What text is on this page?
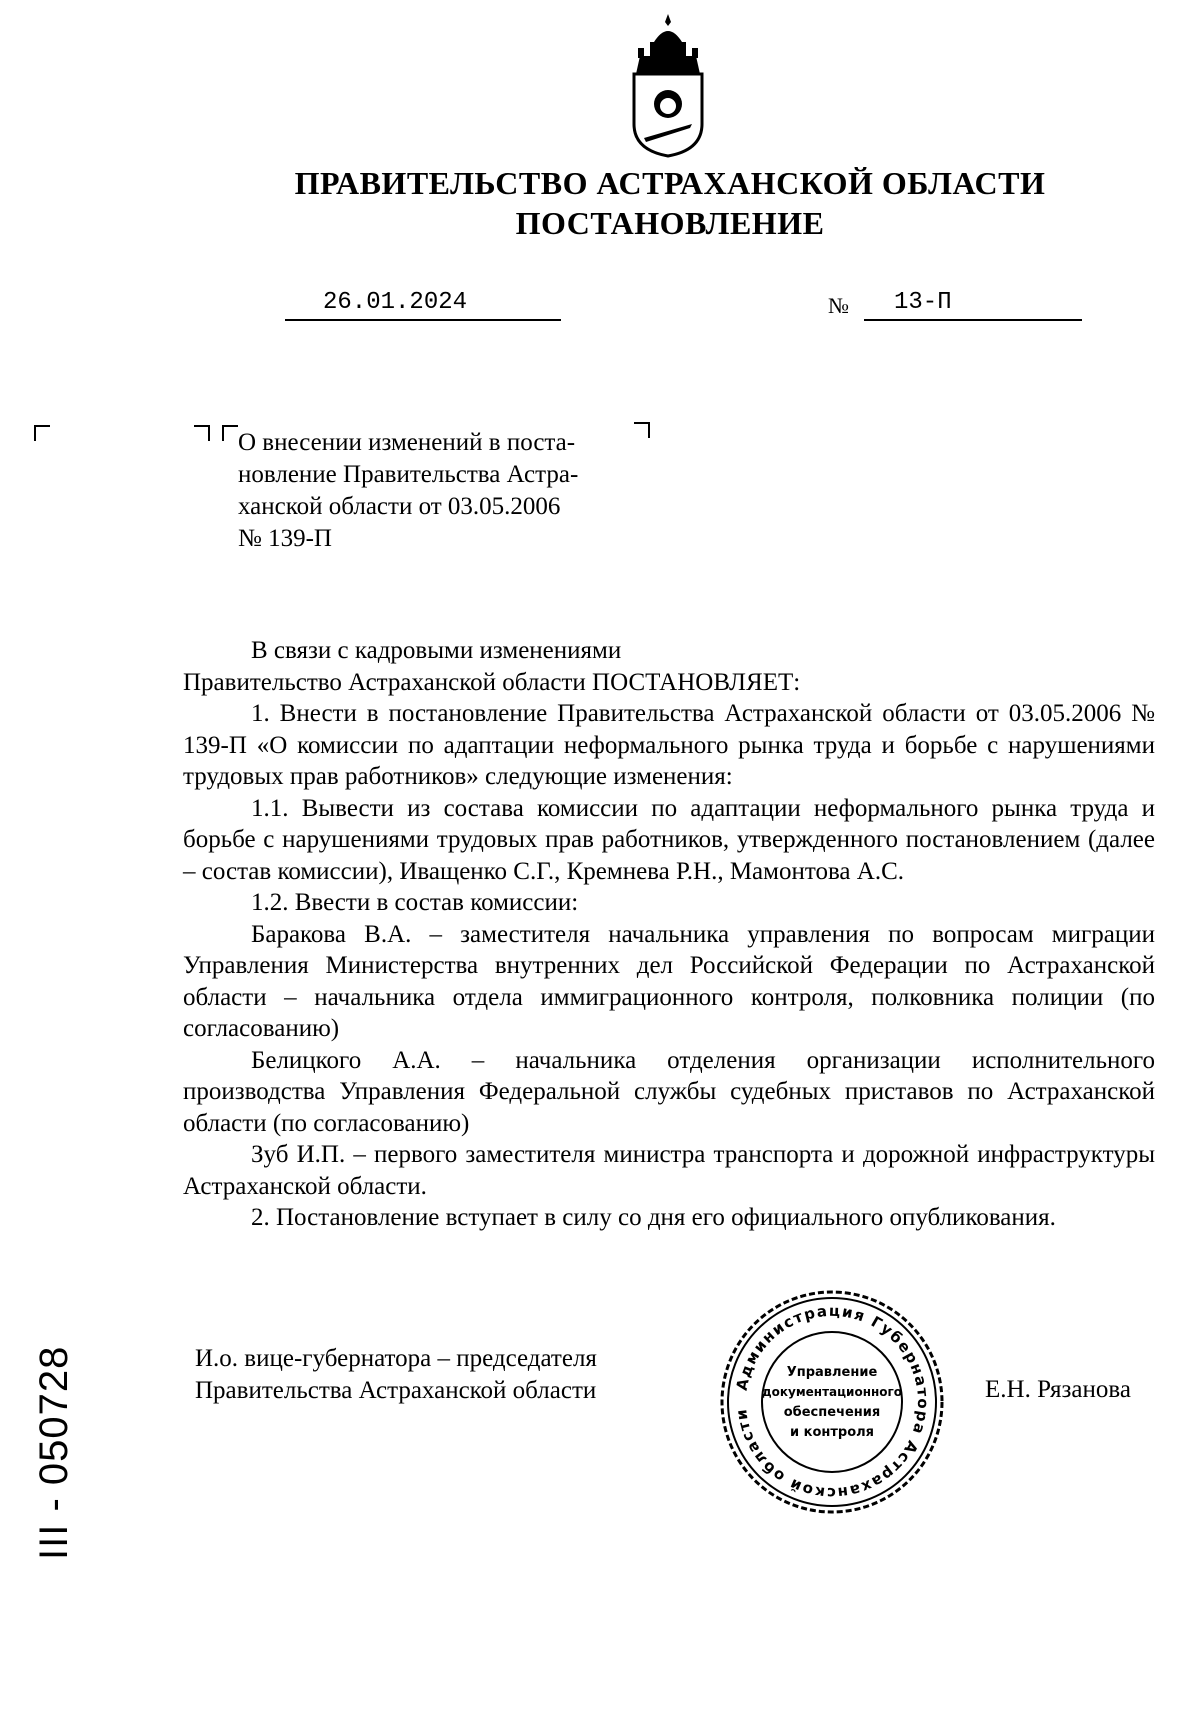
ПРАВИТЕЛЬСТВО АСТРАХАНСКОЙ ОБЛАСТИ
ПОСТАНОВЛЕНИЕ
26.01.2024	№ 13-П
О внесении изменений в поста-
новление Правительства Астра-
ханской области от 03.05.2006
№ 139-П

В связи с кадровыми изменениями

Правительство Астраханской области ПОСТАНОВЛЯЕТ:

1. Внести в постановление Правительства Астраханской области от 03.05.2006 № 139-П «О комиссии по адаптации неформального рынка труда и борьбе с нарушениями трудовых прав работников» следующие изменения:

1.1. Вывести из состава комиссии по адаптации неформального рынка труда и борьбе с нарушениями трудовых прав работников, утвержденного постановлением (далее – состав комиссии), Иващенко С.Г., Кремнева Р.Н., Мамонтова А.С.

1.2. Ввести в состав комиссии:

Баракова В.А. – заместителя начальника управления по вопросам миграции Управления Министерства внутренних дел Российской Федерации по Астраханской области – начальника отдела иммиграционного контроля, полковника полиции (по согласованию)

Белицкого А.А. – начальника отделения организации исполнительного производства Управления Федеральной службы судебных приставов по Астраханской области (по согласованию)

Зуб И.П. – первого заместителя министра транспорта и дорожной инфраструктуры Астраханской области.

2. Постановление вступает в силу со дня его официального опубликования.

И.о. вице-губернатора – председателя
Правительства Астраханской области	Е.Н. Рязанова
Администрация Губернатора Астраханской области
Управление
документационного
обеспечения
и контроля
ІІІ - 050728
